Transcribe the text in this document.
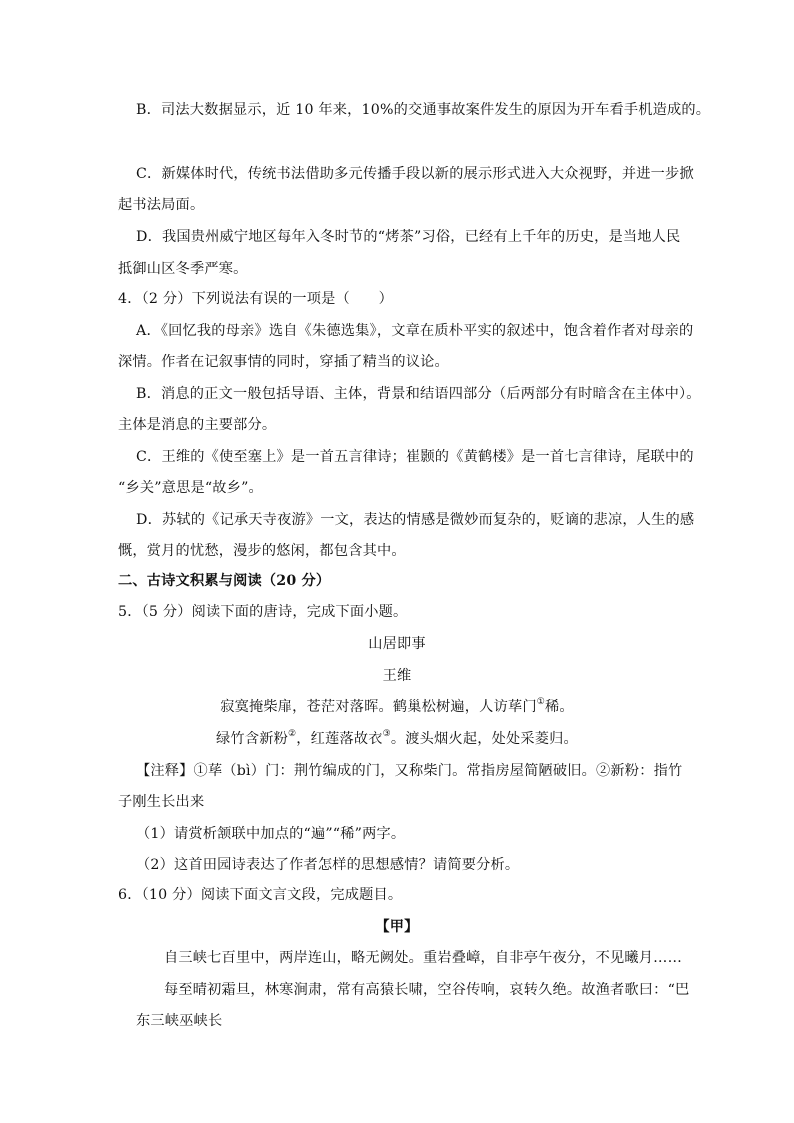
B．司法大数据显示，近 10 年来，10%的交通事故案件发生的原因为开车看手机造成的。
C．新媒体时代，传统书法借助多元传播手段以新的展示形式进入大众视野，并进一步掀
起书法局面。
D．我国贵州威宁地区每年入冬时节的“烤茶”习俗，已经有上千年的历史，是当地人民
抵御山区冬季严寒。
4．（2 分）下列说法有误的一项是（　　）
A．《回忆我的母亲》选自《朱德选集》，文章在质朴平实的叙述中，饱含着作者对母亲的
深情。作者在记叙事情的同时，穿插了精当的议论。
B．消息的正文一般包括导语、主体，背景和结语四部分（后两部分有时暗含在主体中）。
主体是消息的主要部分。
C．王维的《使至塞上》是一首五言律诗；崔颢的《黄鹤楼》是一首七言律诗，尾联中的
“乡关”意思是“故乡”。
D．苏轼的《记承天寺夜游》一文，表达的情感是微妙而复杂的，贬谪的悲凉，人生的感
慨，赏月的忧愁，漫步的悠闲，都包含其中。
二、古诗文积累与阅读（20 分）
5．（5 分）阅读下面的唐诗，完成下面小题。
山居即事
王维
寂寞掩柴扉，苍茫对落晖。鹤巢松树遍，人访荜门①稀。
绿竹含新粉②，红莲落故衣③。渡头烟火起，处处采菱归。
【注释】①荜（bì）门：荆竹编成的门，又称柴门。常指房屋简陋破旧。②新粉：指竹
子刚生长出来
（1）请赏析颔联中加点的“遍”“稀”两字。
（2）这首田园诗表达了作者怎样的思想感情？请简要分析。
6．（10 分）阅读下面文言文段，完成题目。
【甲】
自三峡七百里中，两岸连山，略无阙处。重岩叠嶂，自非亭午夜分，不见曦月……
每至晴初霜旦，林寒涧肃，常有高猿长啸，空谷传响，哀转久绝。故渔者歌曰：“巴
东三峡巫峡长
